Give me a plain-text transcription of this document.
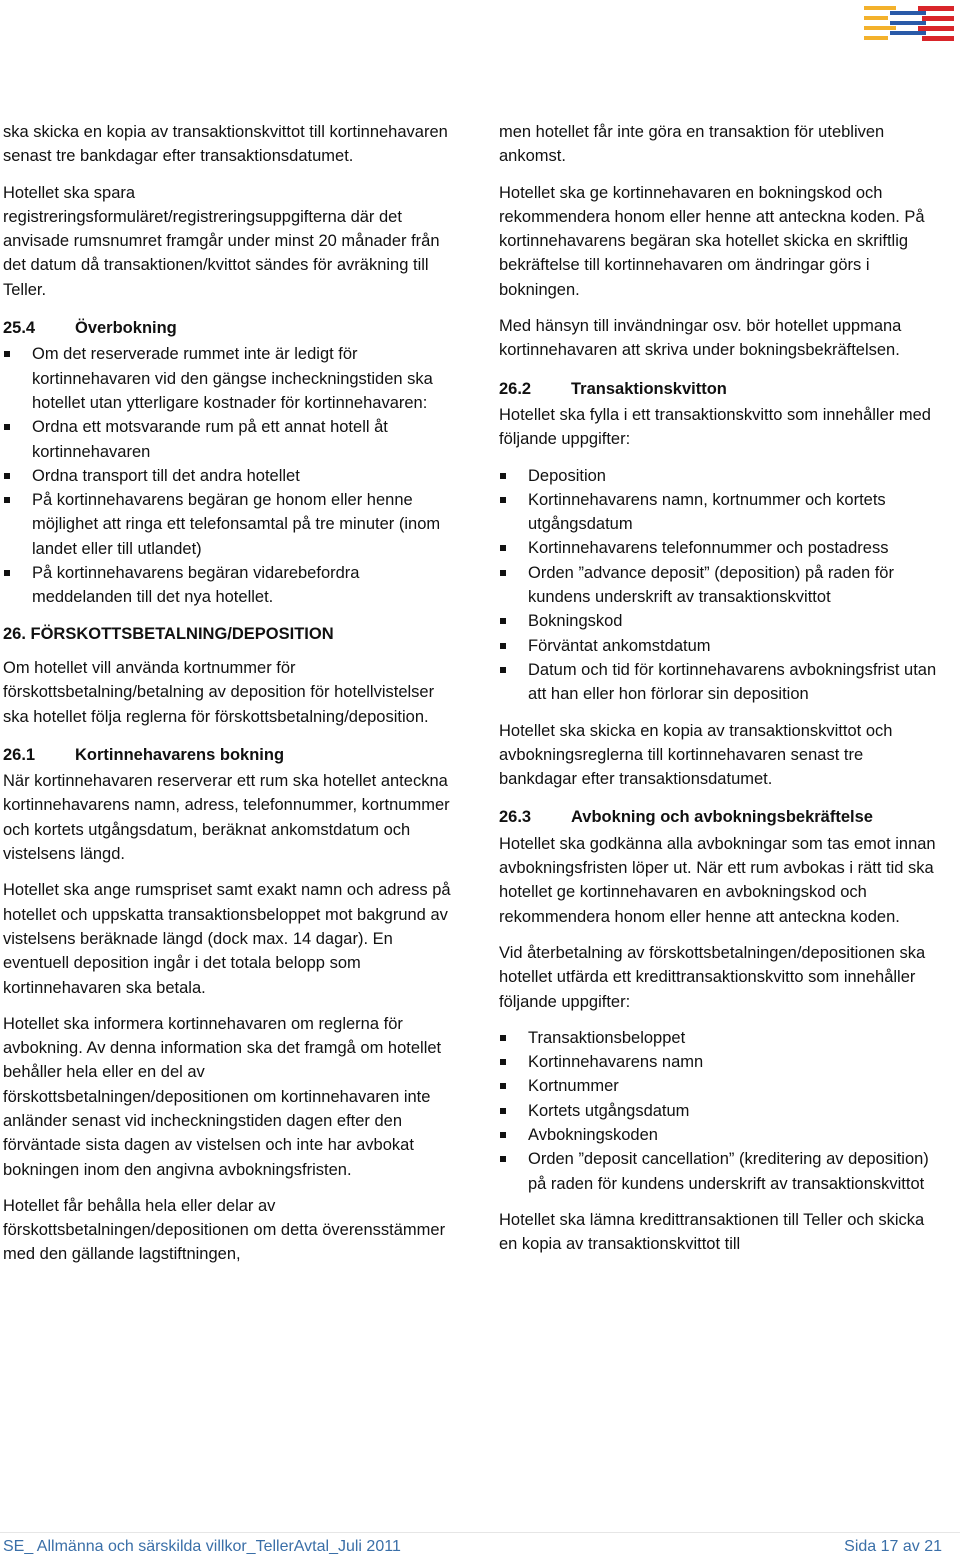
ska skicka en kopia av transaktionskvittot till kortinnehavaren senast tre bankdagar efter transaktionsdatumet.

Hotellet ska spara registreringsformuläret/registreringsuppgifterna där det anvisade rumsnumret framgår under minst 20 månader från det datum då transaktionen/kvittot sändes för avräkning till Teller.

25.4 Överbokning
Om det reserverade rummet inte är ledigt för kortinnehavaren vid den gängse incheckningstiden ska hotellet utan ytterligare kostnader för kortinnehavaren:
Ordna ett motsvarande rum på ett annat hotell åt kortinnehavaren
Ordna transport till det andra hotellet
På kortinnehavarens begäran ge honom eller henne möjlighet att ringa ett telefonsamtal på tre minuter (inom landet eller till utlandet)
På kortinnehavarens begäran vidarebefordra meddelanden till det nya hotellet.
26. FÖRSKOTTSBETALNING/DEPOSITION

Om hotellet vill använda kortnummer för förskottsbetalning/betalning av deposition för hotellvistelser ska hotellet följa reglerna för förskottsbetalning/deposition.

26.1 Kortinnehavarens bokning

När kortinnehavaren reserverar ett rum ska hotellet anteckna kortinnehavarens namn, adress, telefonnummer, kortnummer och kortets utgångsdatum, beräknat ankomstdatum och vistelsens längd.

Hotellet ska ange rumspriset samt exakt namn och adress på hotellet och uppskatta transaktionsbeloppet mot bakgrund av vistelsens beräknade längd (dock max. 14 dagar). En eventuell deposition ingår i det totala belopp som kortinnehavaren ska betala.

Hotellet ska informera kortinnehavaren om reglerna för avbokning. Av denna information ska det framgå om hotellet behåller hela eller en del av förskottsbetalningen/depositionen om kortinnehavaren inte anländer senast vid incheckningstiden dagen efter den förväntade sista dagen av vistelsen och inte har avbokat bokningen inom den angivna avbokningsfristen.

Hotellet får behålla hela eller delar av förskottsbetalningen/depositionen om detta överensstämmer med den gällande lagstiftningen,

men hotellet får inte göra en transaktion för utebliven ankomst.

Hotellet ska ge kortinnehavaren en bokningskod och rekommendera honom eller henne att anteckna koden. På kortinnehavarens begäran ska hotellet skicka en skriftlig bekräftelse till kortinnehavaren om ändringar görs i bokningen.

Med hänsyn till invändningar osv. bör hotellet uppmana kortinnehavaren att skriva under bokningsbekräftelsen.

26.2 Transaktionskvitton

Hotellet ska fylla i ett transaktionskvitto som innehåller med följande uppgifter:

Deposition
Kortinnehavarens namn, kortnummer och kortets utgångsdatum
Kortinnehavarens telefonnummer och postadress
Orden ”advance deposit” (deposition) på raden för kundens underskrift av transaktionskvittot
Bokningskod
Förväntat ankomstdatum
Datum och tid för kortinnehavarens avbokningsfrist utan att han eller hon förlorar sin deposition

Hotellet ska skicka en kopia av transaktionskvittot och avbokningsreglerna till kortinnehavaren senast tre bankdagar efter transaktionsdatumet.

26.3 Avbokning och avbokningsbekräftelse

Hotellet ska godkänna alla avbokningar som tas emot innan avbokningsfristen löper ut. När ett rum avbokas i rätt tid ska hotellet ge kortinnehavaren en avbokningskod och rekommendera honom eller henne att anteckna koden.

Vid återbetalning av förskottsbetalningen/depositionen ska hotellet utfärda ett kredittransaktionskvitto som innehåller följande uppgifter:

Transaktionsbeloppet
Kortinnehavarens namn
Kortnummer
Kortets utgångsdatum
Avbokningskoden
Orden ”deposit cancellation” (kreditering av deposition) på raden för kundens underskrift av transaktionskvittot

Hotellet ska lämna kredittransaktionen till Teller och skicka en kopia av transaktionskvittot till

SE_ Allmänna och särskilda villkor_TellerAvtal_Juli 2011	Sida 17 av 21
